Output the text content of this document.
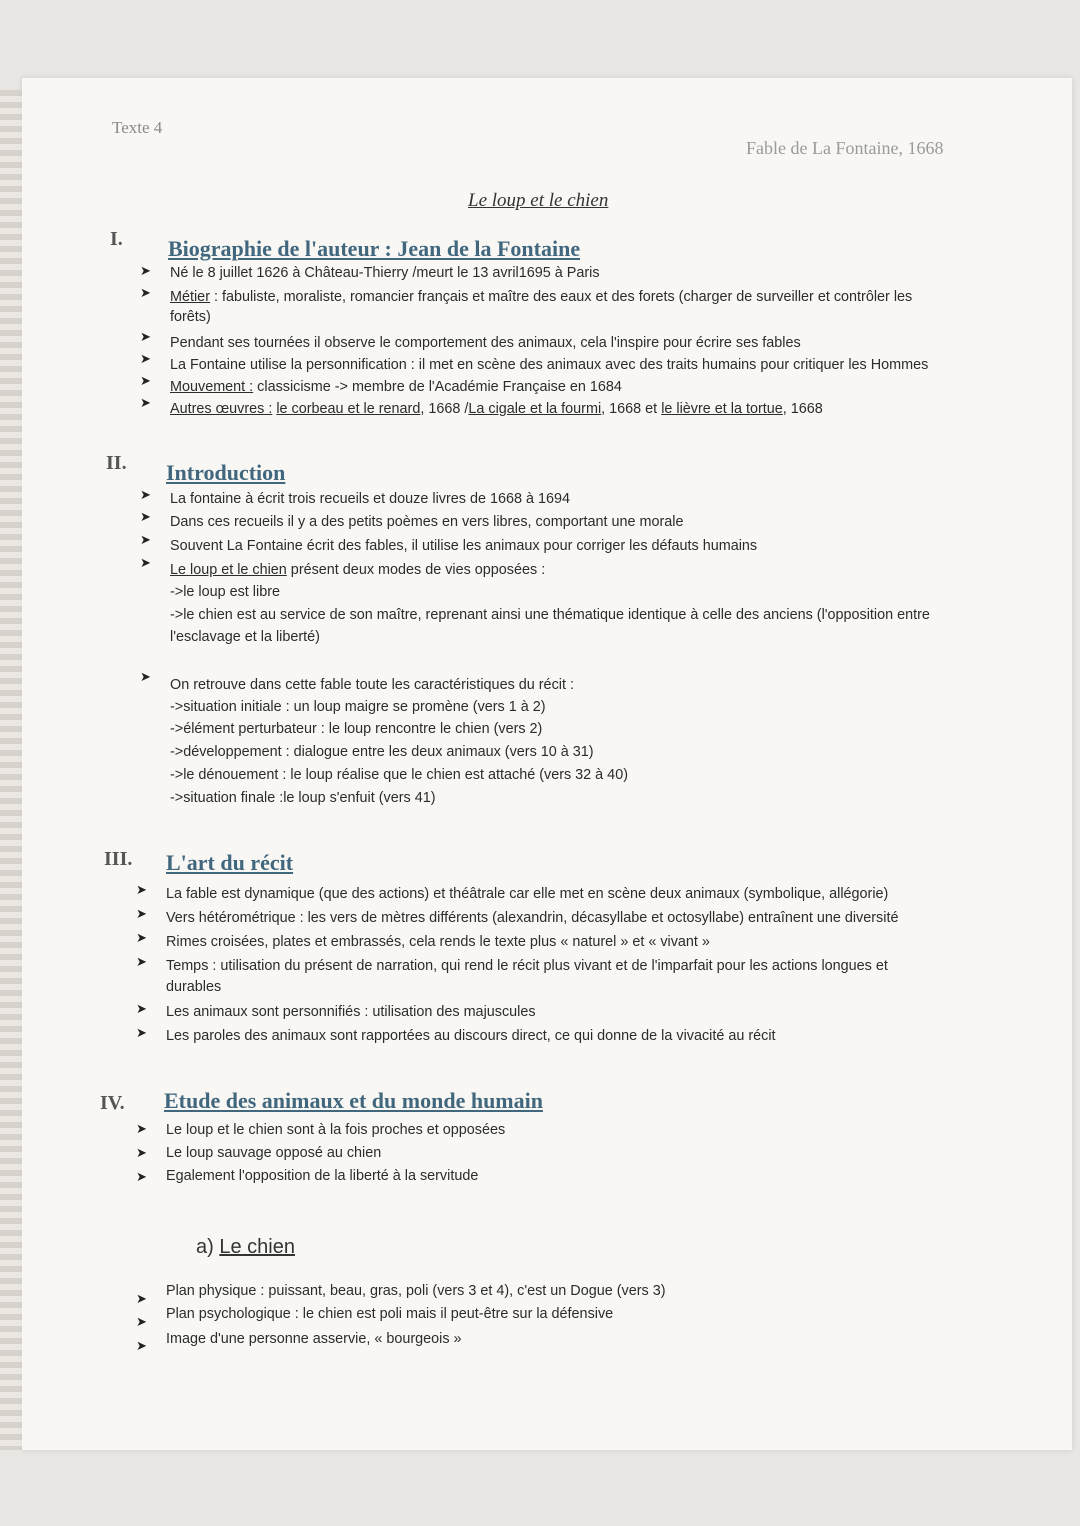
Texte 4
Fable de La Fontaine, 1668
Le loup et le chien
I. Biographie de l'auteur : Jean de la Fontaine
➤ Né le 8 juillet 1626 à Château-Thierry /meurt le 13 avril1695 à Paris
➤ Métier : fabuliste, moraliste, romancier français et maître des eaux et des forets (charger de surveiller et contrôler les
forêts)
➤ Pendant ses tournées il observe le comportement des animaux, cela l'inspire pour écrire ses fables
➤ La Fontaine utilise la personnification : il met en scène des animaux avec des traits humains pour critiquer les Hommes
➤ Mouvement : classicisme -> membre de l'Académie Française en 1684
➤ Autres œuvres : le corbeau et le renard, 1668 /La cigale et la fourmi, 1668 et le lièvre et la tortue, 1668
II. Introduction
➤ La fontaine à écrit trois recueils et douze livres de 1668 à 1694
➤ Dans ces recueils il y a des petits poèmes en vers libres, comportant une morale
➤ Souvent La Fontaine écrit des fables, il utilise les animaux pour corriger les défauts humains
➤ Le loup et le chien présent deux modes de vies opposées :
->le loup est libre
->le chien est au service de son maître, reprenant ainsi une thématique identique à celle des anciens (l'opposition entre
l'esclavage et la liberté)
➤
On retrouve dans cette fable toute les caractéristiques du récit :
->situation initiale : un loup maigre se promène (vers 1 à 2)
->élément perturbateur : le loup rencontre le chien (vers 2)
->développement : dialogue entre les deux animaux (vers 10 à 31)
->le dénouement : le loup réalise que le chien est attaché (vers 32 à 40)
->situation finale :le loup s'enfuit (vers 41)
III. L'art du récit
➤ La fable est dynamique (que des actions) et théâtrale car elle met en scène deux animaux (symbolique, allégorie)
➤ Vers hétérométrique : les vers de mètres différents (alexandrin, décasyllabe et octosyllabe) entraînent une diversité
➤ Rimes croisées, plates et embrassés, cela rends le texte plus « naturel » et « vivant »
➤ Temps : utilisation du présent de narration, qui rend le récit plus vivant et de l'imparfait pour les actions longues et
durables
➤ Les animaux sont personnifiés : utilisation des majuscules
➤ Les paroles des animaux sont rapportées au discours direct, ce qui donne de la vivacité au récit
IV. Etude des animaux et du monde humain
➤ Le loup et le chien sont à la fois proches et opposées
➤ Le loup sauvage opposé au chien
➤ Egalement l'opposition de la liberté à la servitude
a) Le chien
➤ Plan physique : puissant, beau, gras, poli (vers 3 et 4), c'est un Dogue (vers 3)
➤ Plan psychologique : le chien est poli mais il peut-être sur la défensive
➤ Image d'une personne asservie, « bourgeois »
